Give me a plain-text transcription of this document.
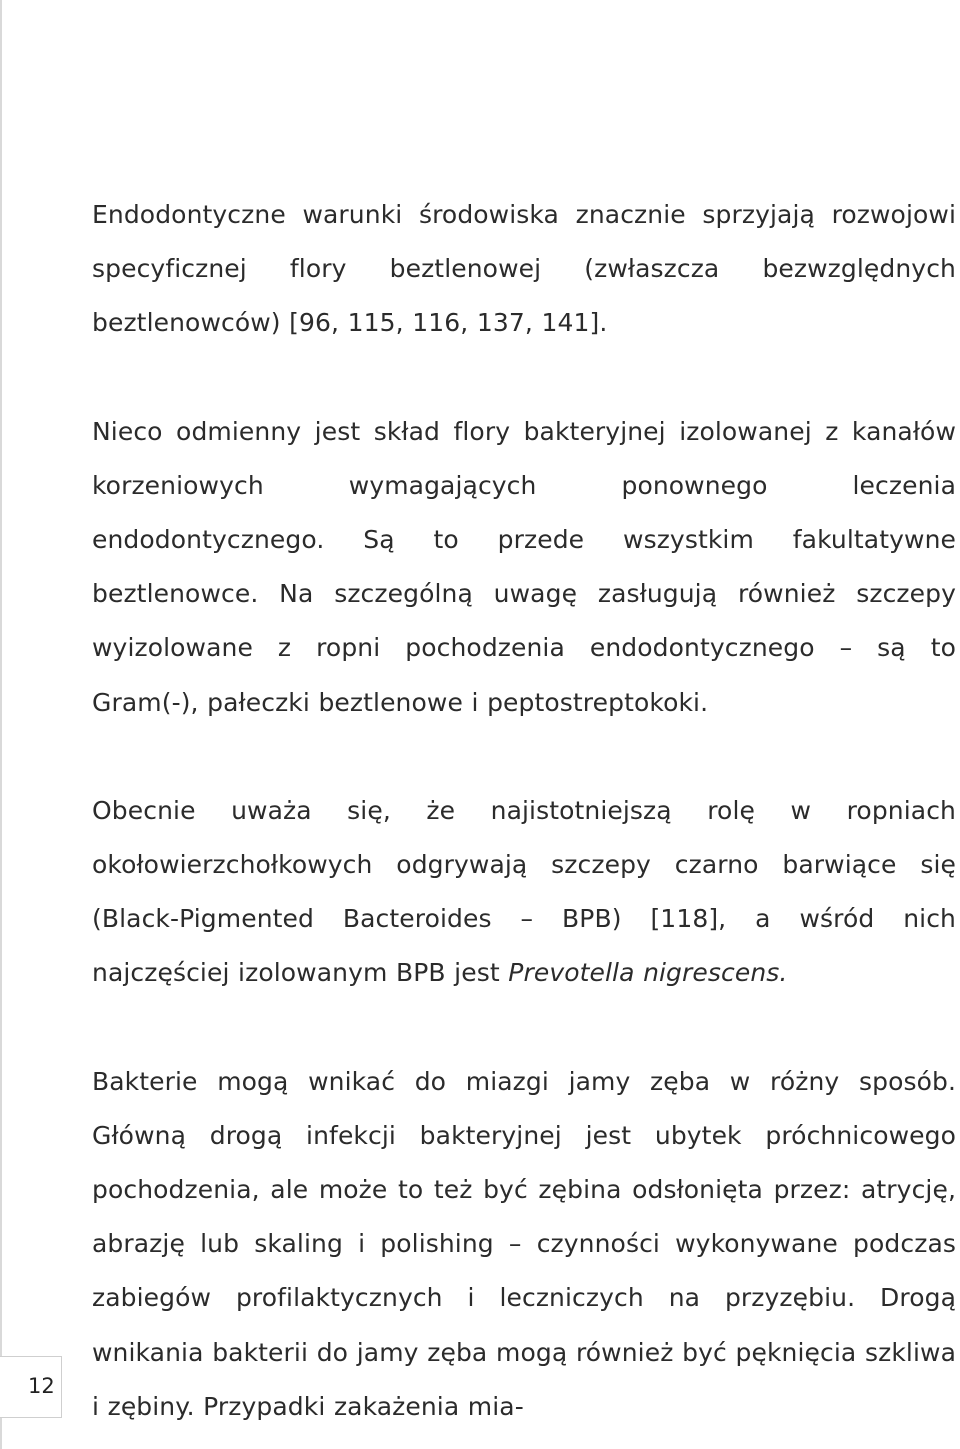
Endodontyczne warunki środowiska znacznie sprzyjają rozwojowi specyficznej flory beztlenowej (zwłaszcza bezwzględnych beztlenowców) [96, 115, 116, 137, 141].

Nieco odmienny jest skład flory bakteryjnej izolowanej z kanałów korzeniowych wymagających ponownego leczenia endodontycznego. Są to przede wszystkim fakultatywne beztlenowce. Na szczególną uwagę zasługują również szczepy wyizolowane z ropni pochodzenia endodontycznego – są to Gram(-), pałeczki beztlenowe i peptostreptokoki.

Obecnie uważa się, że najistotniejszą rolę w ropniach okołowierzchołkowych odgrywają szczepy czarno barwiące się (Black-Pigmented Bacteroides – BPB) [118], a wśród nich najczęściej izolowanym BPB jest Prevotella nigrescens.

Bakterie mogą wnikać do miazgi jamy zęba w różny sposób. Główną drogą infekcji bakteryjnej jest ubytek próchnicowego pochodzenia, ale może to też być zębina odsłonięta przez: atrycję, abrazję lub skaling i polishing – czynności wykonywane podczas zabiegów profilaktycznych i leczniczych na przyzębiu. Drogą wnikania bakterii do jamy zęba mogą również być pęknięcia szkliwa i zębiny. Przypadki zakażenia mia-

12
